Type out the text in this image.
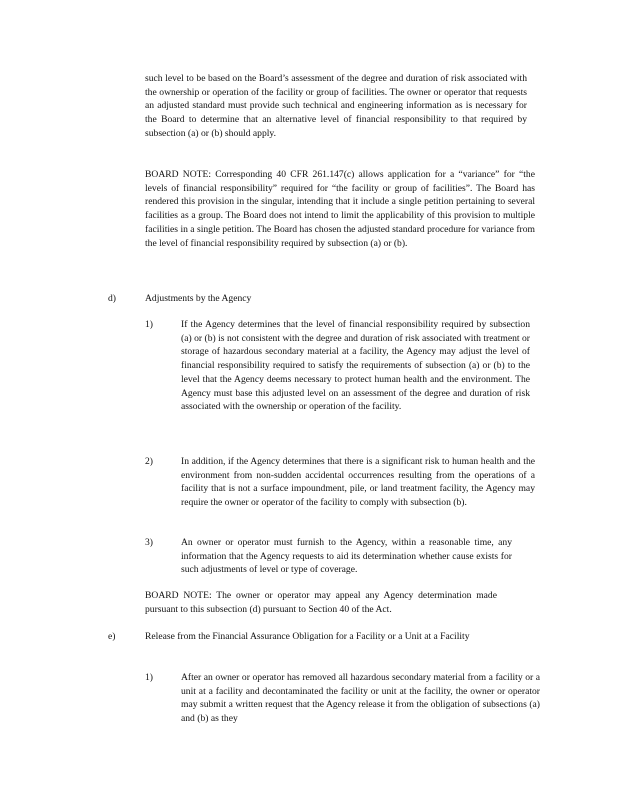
such level to be based on the Board’s assessment of the degree and duration of risk associated with the ownership or operation of the facility or group of facilities. The owner or operator that requests an adjusted standard must provide such technical and engineering information as is necessary for the Board to determine that an alternative level of financial responsibility to that required by subsection (a) or (b) should apply.

BOARD NOTE: Corresponding 40 CFR 261.147(c) allows application for a “variance” for “the levels of financial responsibility” required for “the facility or group of facilities”. The Board has rendered this provision in the singular, intending that it include a single petition pertaining to several facilities as a group. The Board does not intend to limit the applicability of this provision to multiple facilities in a single petition. The Board has chosen the adjusted standard procedure for variance from the level of financial responsibility required by subsection (a) or (b).

d)	Adjustments by the Agency

1)	If the Agency determines that the level of financial responsibility required by subsection (a) or (b) is not consistent with the degree and duration of risk associated with treatment or storage of hazardous secondary material at a facility, the Agency may adjust the level of financial responsibility required to satisfy the requirements of subsection (a) or (b) to the level that the Agency deems necessary to protect human health and the environment. The Agency must base this adjusted level on an assessment of the degree and duration of risk associated with the ownership or operation of the facility.

2)	In addition, if the Agency determines that there is a significant risk to human health and the environment from non-sudden accidental occurrences resulting from the operations of a facility that is not a surface impoundment, pile, or land treatment facility, the Agency may require the owner or operator of the facility to comply with subsection (b).

3)	An owner or operator must furnish to the Agency, within a reasonable time, any information that the Agency requests to aid its determination whether cause exists for such adjustments of level or type of coverage.

BOARD NOTE: The owner or operator may appeal any Agency determination made pursuant to this subsection (d) pursuant to Section 40 of the Act.

e)	Release from the Financial Assurance Obligation for a Facility or a Unit at a Facility

1)	After an owner or operator has removed all hazardous secondary material from a facility or a unit at a facility and decontaminated the facility or unit at the facility, the owner or operator may submit a written request that the Agency release it from the obligation of subsections (a) and (b) as they
